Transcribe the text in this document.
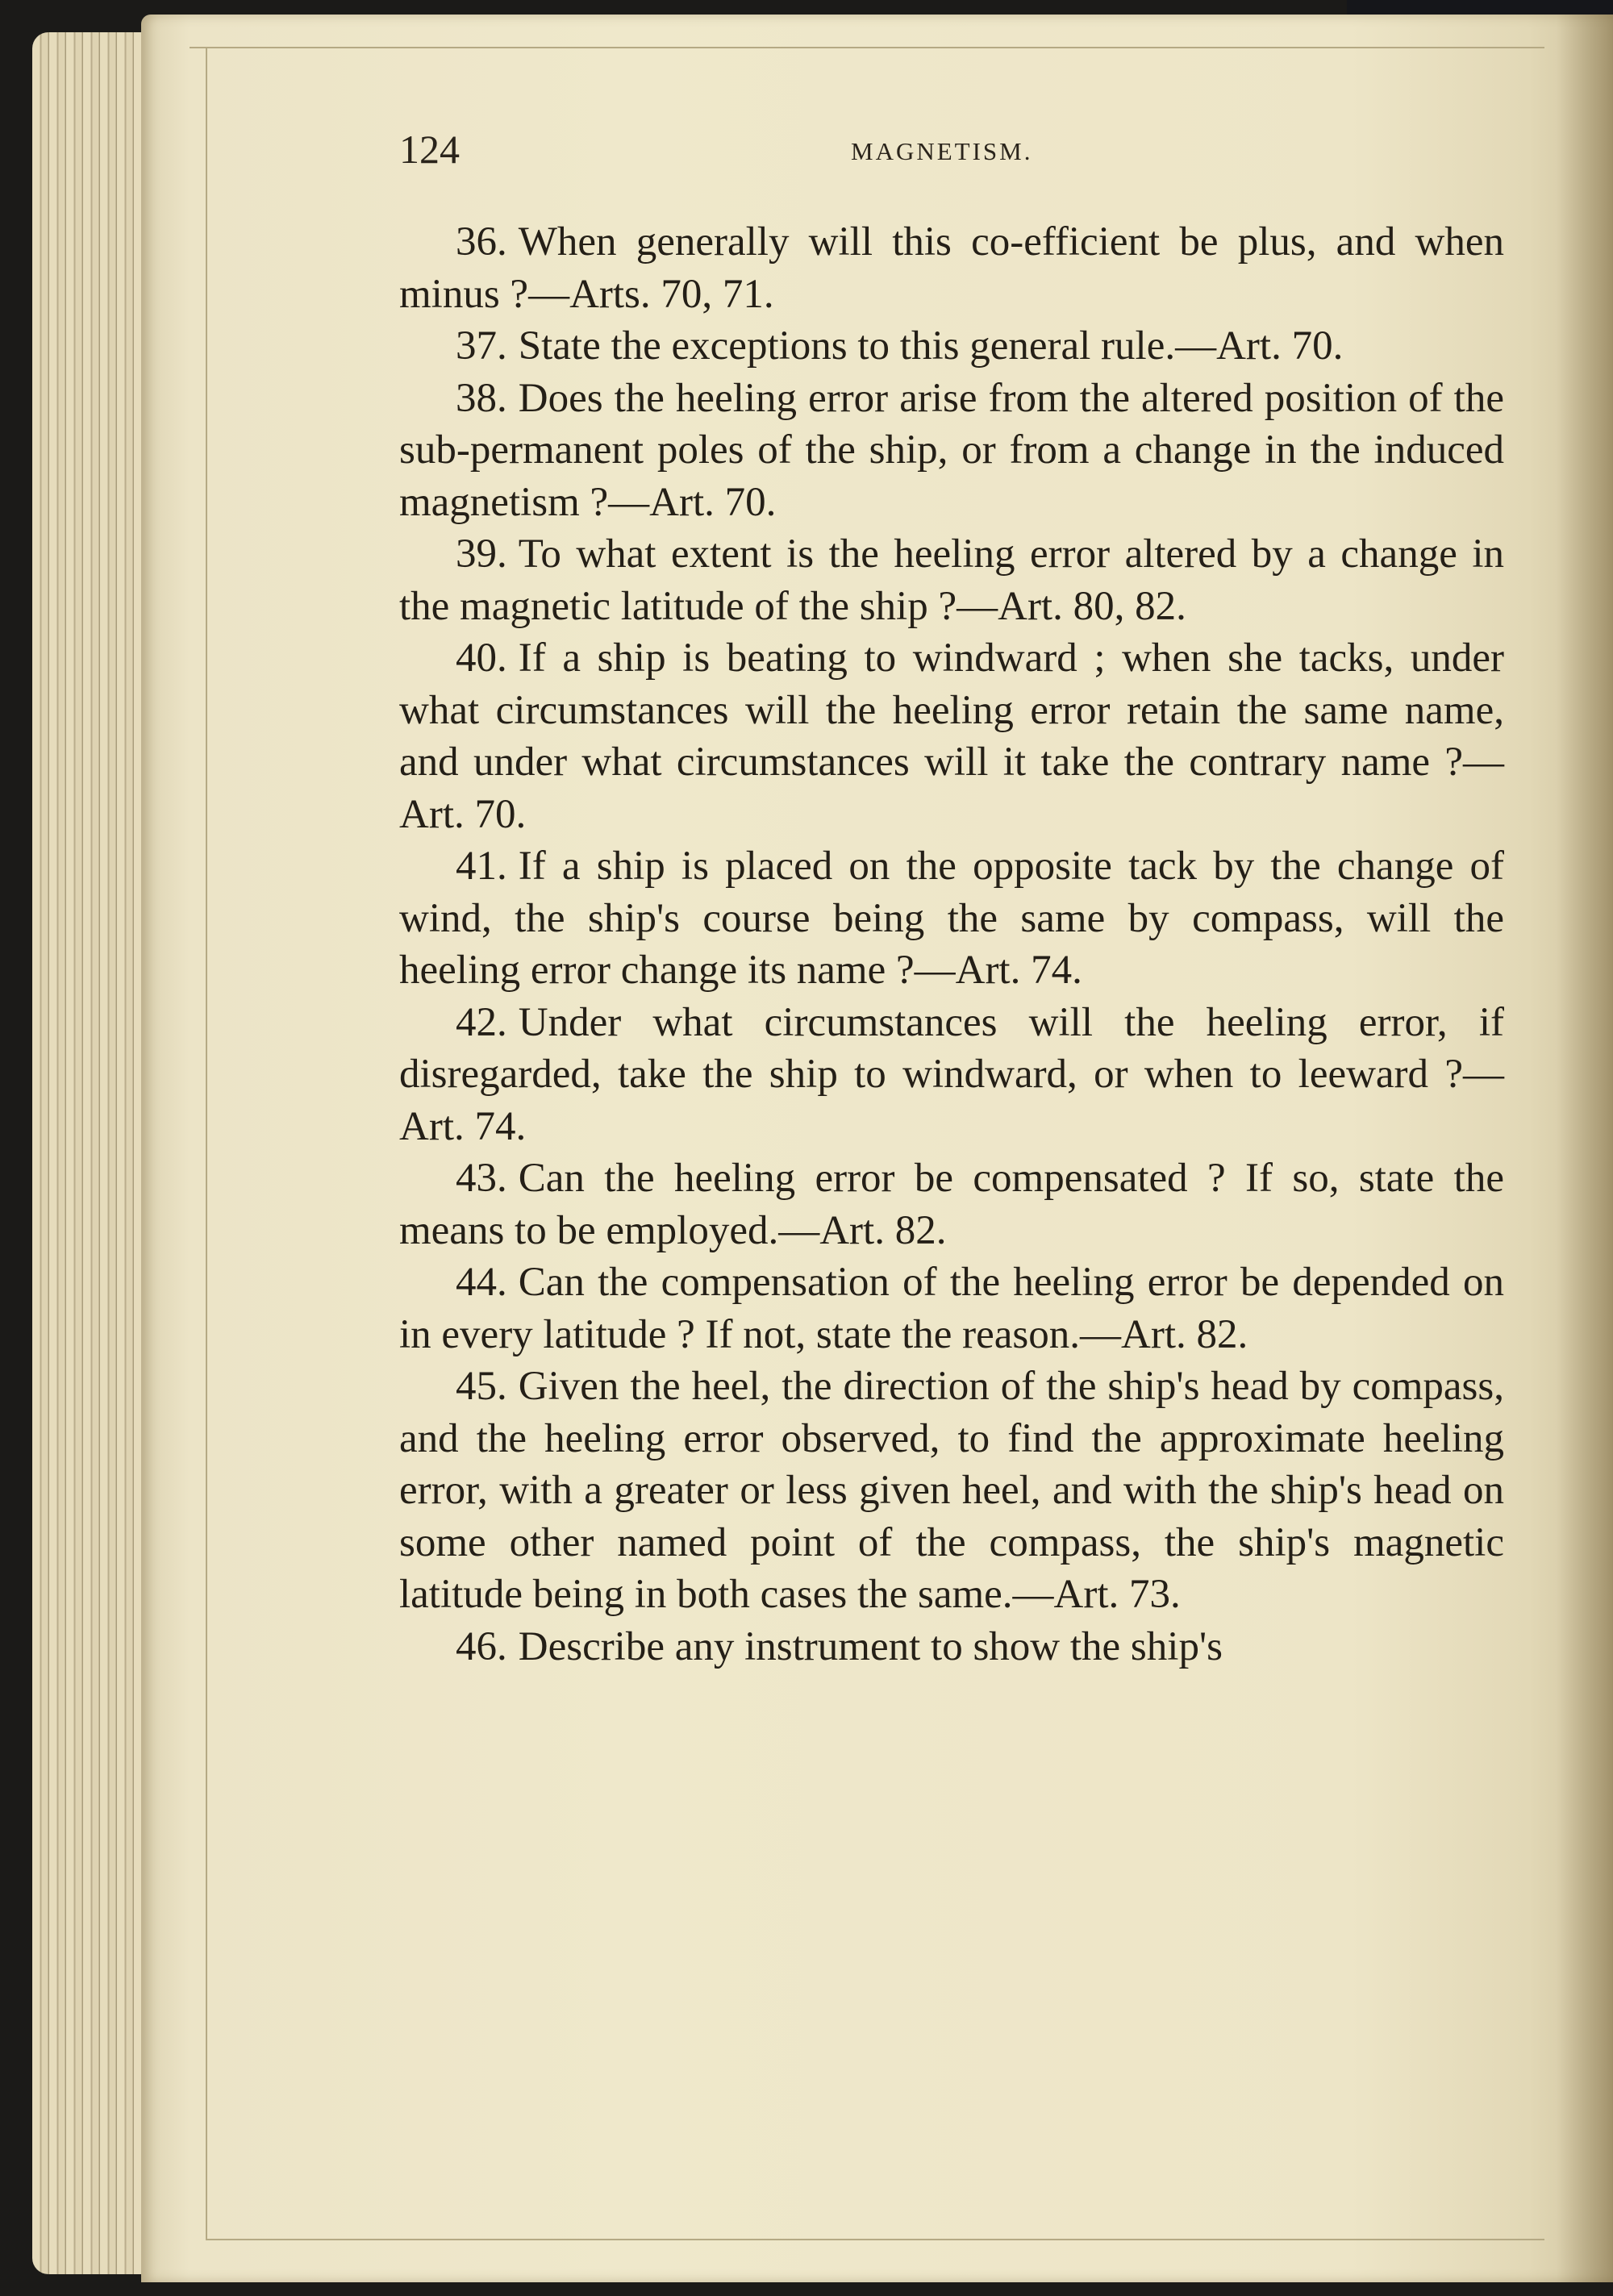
124	MAGNETISM.

36. When generally will this co-efficient be plus, and when minus ?—Arts. 70, 71.

37. State the exceptions to this general rule.—Art. 70.

38. Does the heeling error arise from the altered position of the sub-permanent poles of the ship, or from a change in the induced magnetism ?—Art. 70.

39. To what extent is the heeling error altered by a change in the magnetic latitude of the ship ?—Art. 80, 82.

40. If a ship is beating to windward ; when she tacks, under what circumstances will the heeling error retain the same name, and under what circumstances will it take the contrary name ?—Art. 70.

41. If a ship is placed on the opposite tack by the change of wind, the ship's course being the same by compass, will the heeling error change its name ?—Art. 74.

42. Under what circumstances will the heeling error, if disregarded, take the ship to windward, or when to leeward ?—Art. 74.

43. Can the heeling error be compensated ? If so, state the means to be employed.—Art. 82.

44. Can the compensation of the heeling error be depended on in every latitude ? If not, state the reason.—Art. 82.

45. Given the heel, the direction of the ship's head by compass, and the heeling error observed, to find the approximate heeling error, with a greater or less given heel, and with the ship's head on some other named point of the compass, the ship's magnetic latitude being in both cases the same.—Art. 73.

46. Describe any instrument to show the ship's
